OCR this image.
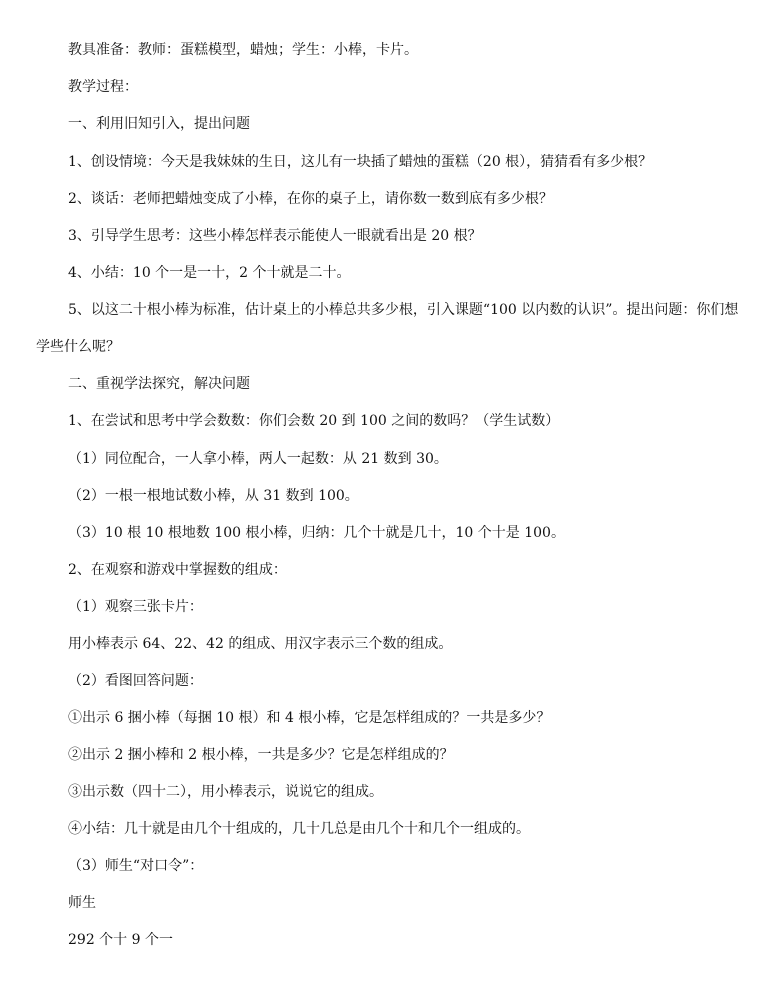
教具准备：教师：蛋糕模型，蜡烛；学生：小棒，卡片。
教学过程：
一、利用旧知引入，提出问题
1、创设情境：今天是我妹妹的生日，这儿有一块插了蜡烛的蛋糕（20 根），猜猜看有多少根？
2、谈话：老师把蜡烛变成了小棒，在你的桌子上，请你数一数到底有多少根？
3、引导学生思考：这些小棒怎样表示能使人一眼就看出是 20 根？
4、小结：10 个一是一十，2 个十就是二十。
5、以这二十根小棒为标准，估计桌上的小棒总共多少根，引入课题“100 以内数的认识”。提出问题：你们想学些什么呢？
二、重视学法探究，解决问题
1、在尝试和思考中学会数数：你们会数 20 到 100 之间的数吗？（学生试数）
（1）同位配合，一人拿小棒，两人一起数：从 21 数到 30。
（2）一根一根地试数小棒，从 31 数到 100。
（3）10 根 10 根地数 100 根小棒，归纳：几个十就是几十，10 个十是 100。
2、在观察和游戏中掌握数的组成：
（1）观察三张卡片：
用小棒表示 64、22、42 的组成、用汉字表示三个数的组成。
（2）看图回答问题：
①出示 6 捆小棒（每捆 10 根）和 4 根小棒，它是怎样组成的？一共是多少？
②出示 2 捆小棒和 2 根小棒，一共是多少？它是怎样组成的？
③出示数（四十二），用小棒表示，说说它的组成。
④小结：几十就是由几个十组成的，几十几总是由几个十和几个一组成的。
（3）师生“对口令”：
师生
292 个十 9 个一
